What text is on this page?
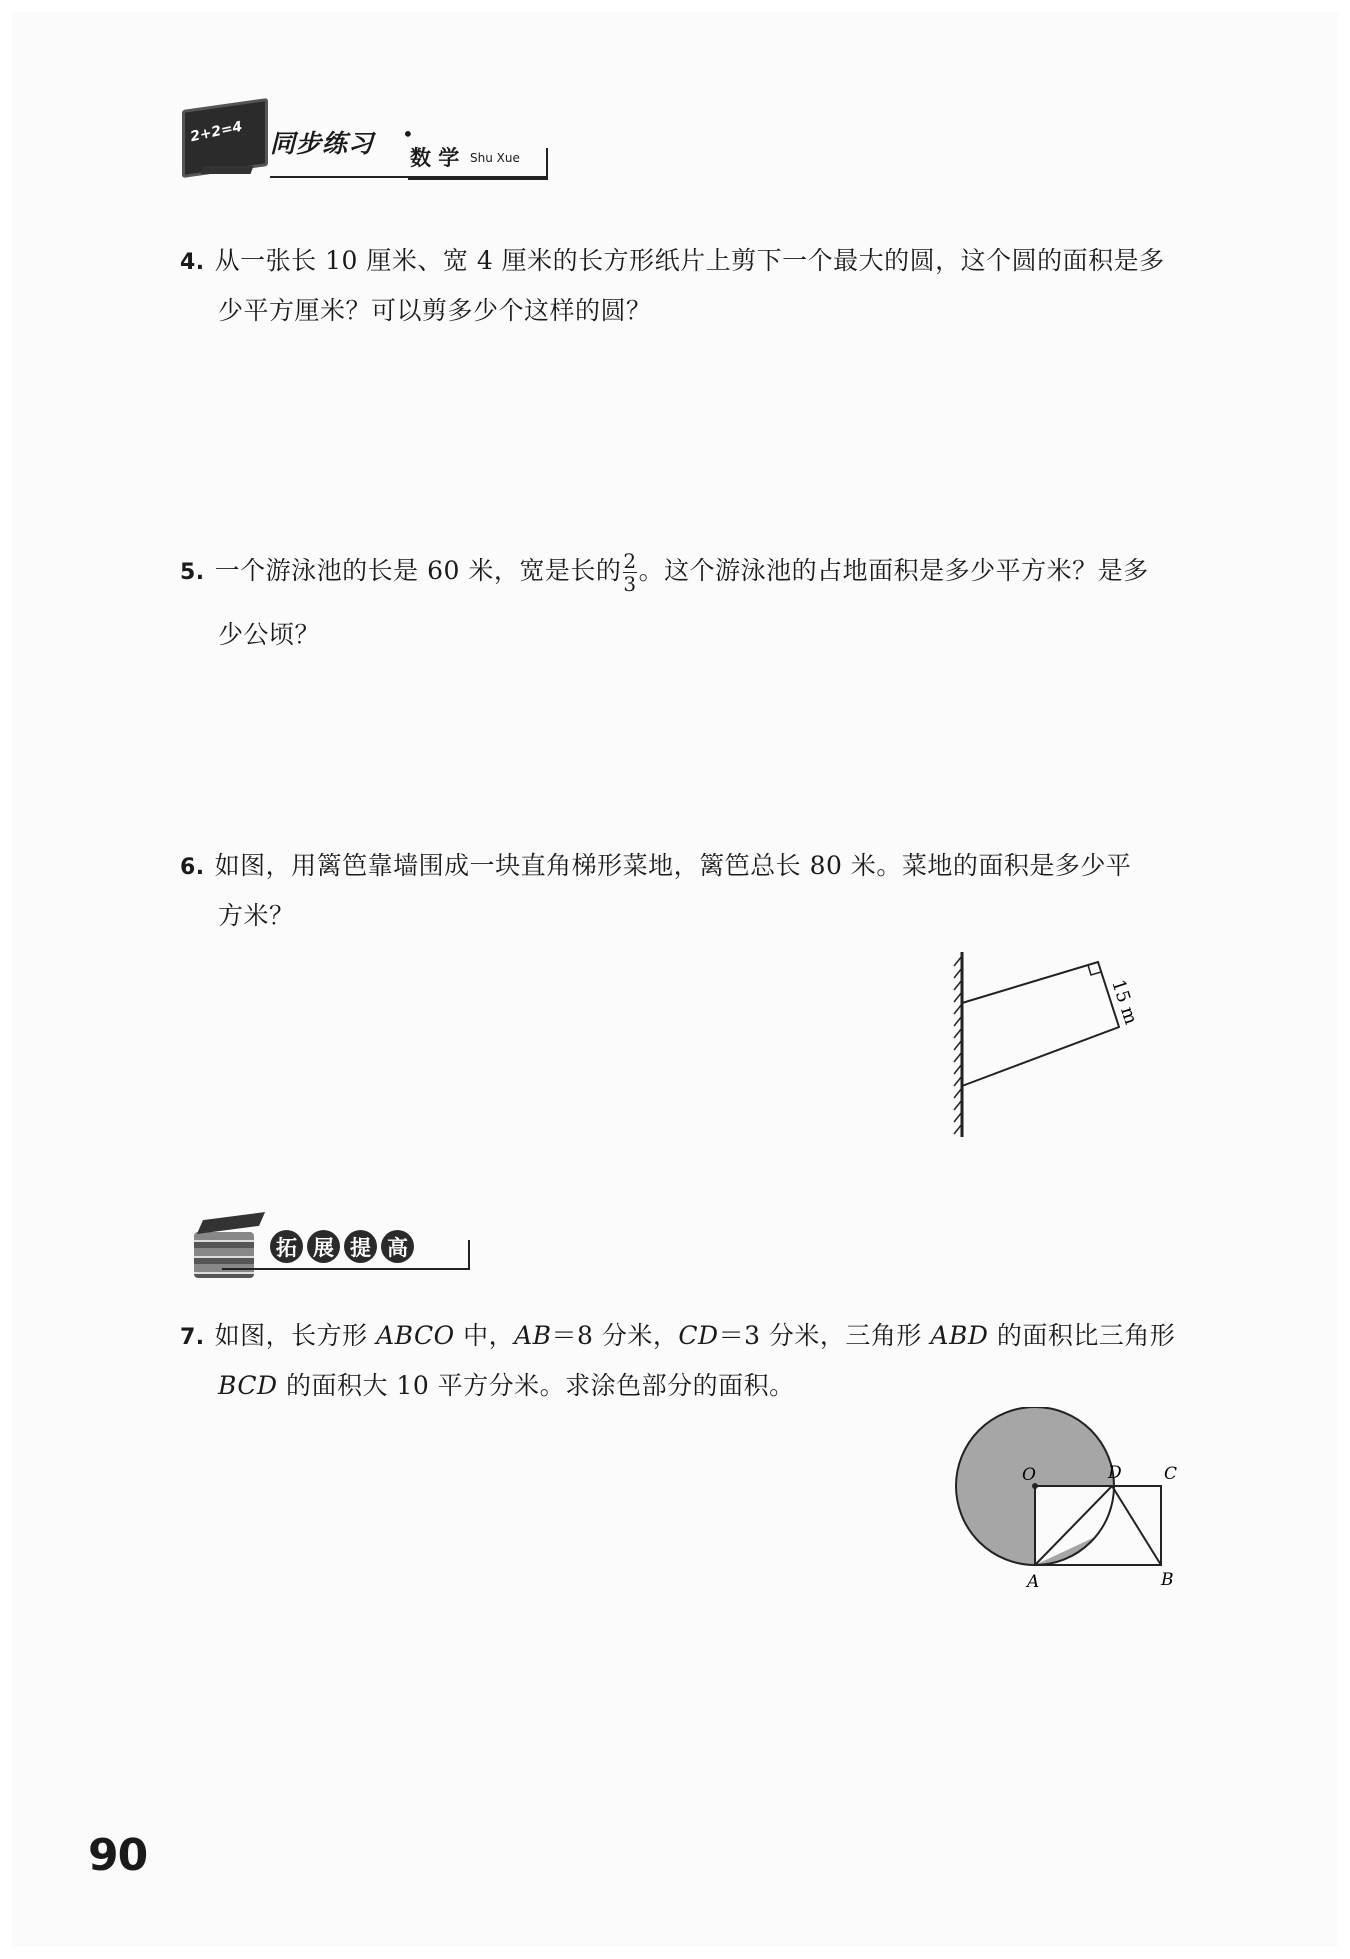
2+2=4 同步练习 •
数 学 Shu Xue
4. 从一张长 10 厘米、宽 4 厘米的长方形纸片上剪下一个最大的圆，这个圆的面积是多
少平方厘米？可以剪多少个这样的圆？
5. 一个游泳池的长是 60 米，宽是长的 $\frac{2}{3}$ 。这个游泳池的占地面积是多少平方米？是多
少公顷？
6. 如图，用篱笆靠墙围成一块直角梯形菜地，篱笆总长 80 米。菜地的面积是多少平
方米？
15 m
拓 展 提 高
7. 如图，长方形 ABCO 中，AB＝8 分米，CD＝3 分米，三角形 ABD 的面积比三角形
BCD 的面积大 10 平方分米。求涂色部分的面积。
O	D C
A	B
90
